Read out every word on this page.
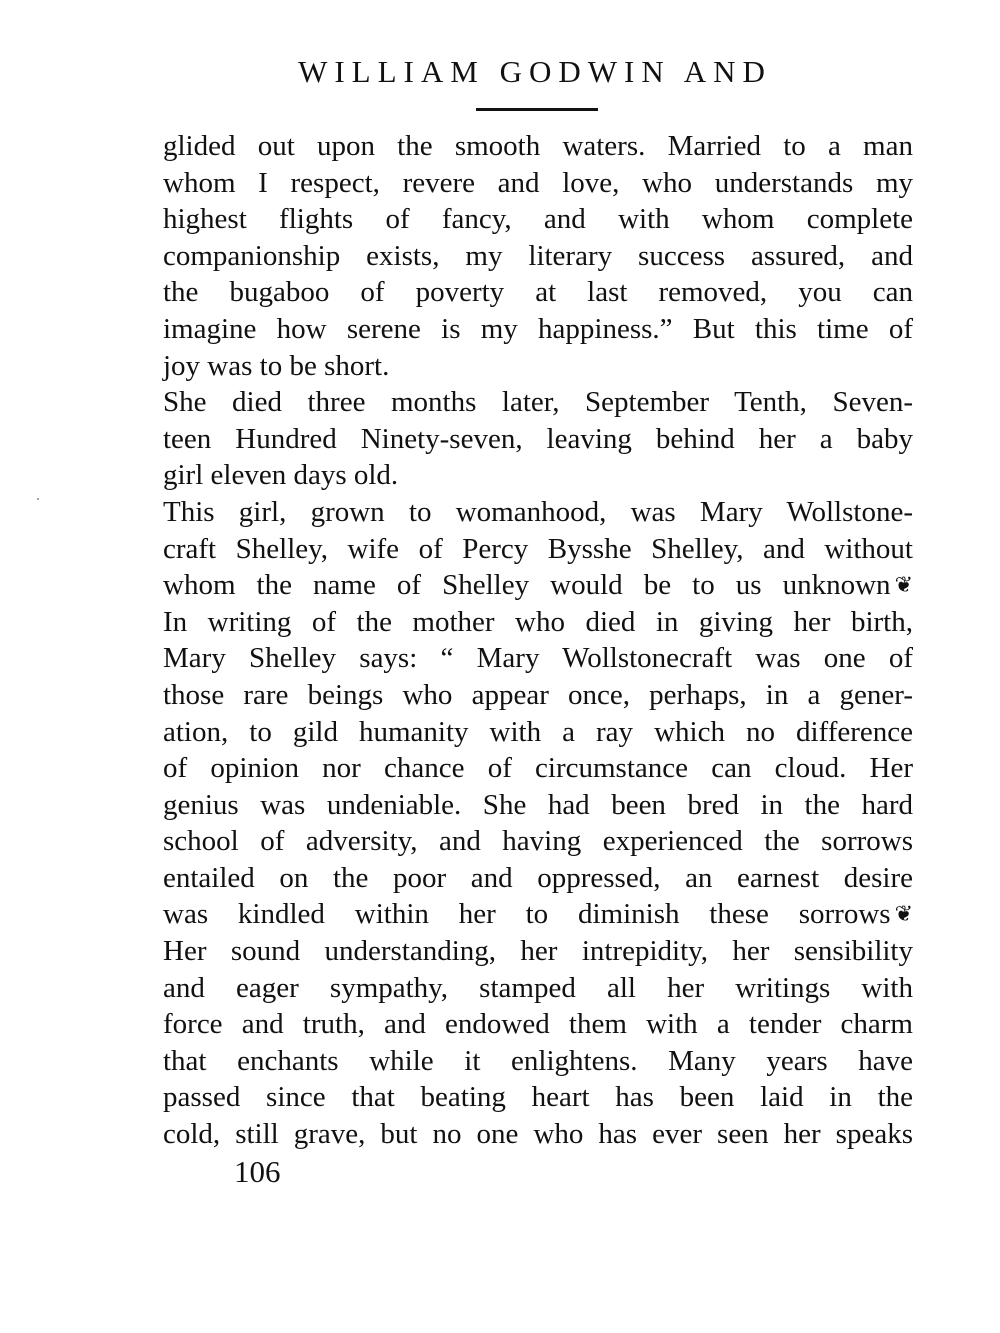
WILLIAM GODWIN AND
glided out upon the smooth waters. Married to a man
whom I respect, revere and love, who understands my
highest flights of fancy, and with whom complete
companionship exists, my literary success assured, and
the bugaboo of poverty at last removed, you can
imagine how serene is my happiness.” But this time of
joy was to be short.
She died three months later, September Tenth, Seven-
teen Hundred Ninety-seven, leaving behind her a baby
girl eleven days old.
This girl, grown to womanhood, was Mary Wollstone-
craft Shelley, wife of Percy Bysshe Shelley, and without
whom the name of Shelley would be to us unknown ❦
In writing of the mother who died in giving her birth,
Mary Shelley says: “ Mary Wollstonecraft was one of
those rare beings who appear once, perhaps, in a gener-
ation, to gild humanity with a ray which no difference
of opinion nor chance of circumstance can cloud. Her
genius was undeniable. She had been bred in the hard
school of adversity, and having experienced the sorrows
entailed on the poor and oppressed, an earnest desire
was kindled within her to diminish these sorrows ❦
Her sound understanding, her intrepidity, her sensibility
and eager sympathy, stamped all her writings with
force and truth, and endowed them with a tender charm
that enchants while it enlightens. Many years have
passed since that beating heart has been laid in the
cold, still grave, but no one who has ever seen her speaks
106
